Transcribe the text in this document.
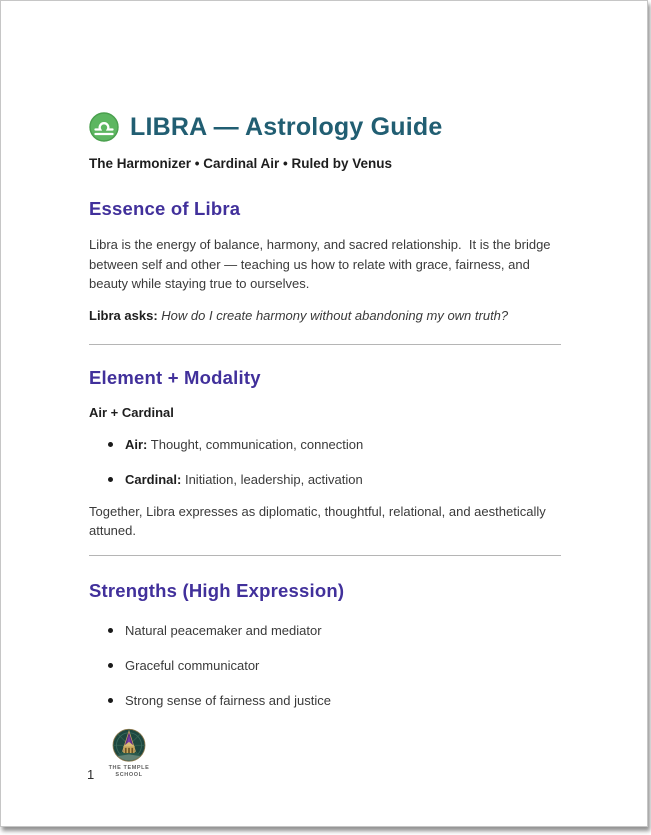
LIBRA — Astrology Guide
The Harmonizer • Cardinal Air • Ruled by Venus
Essence of Libra

Libra is the energy of balance, harmony, and sacred relationship.  It is the bridge between self and other — teaching us how to relate with grace, fairness, and beauty while staying true to ourselves.

Libra asks: How do I create harmony without abandoning my own truth?

Element + Modality
Air + Cardinal
Air: Thought, communication, connection
Cardinal: Initiation, leadership, activation

Together, Libra expresses as diplomatic, thoughtful, relational, and aesthetically attuned.

Strengths (High Expression)
Natural peacemaker and mediator
Graceful communicator
Strong sense of fairness and justice
THE TEMPLE
SCHOOL
1
